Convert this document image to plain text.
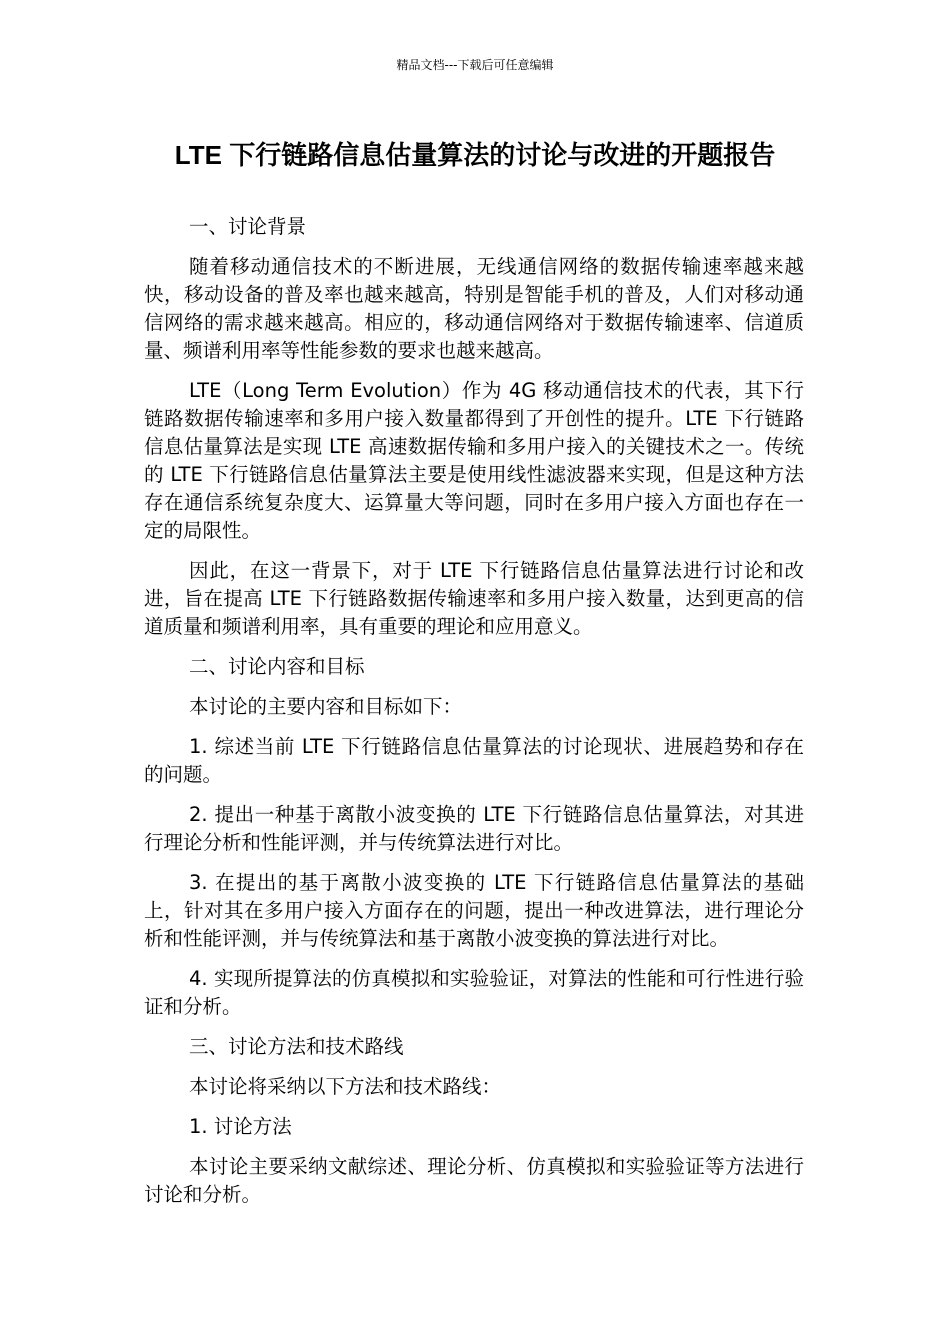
精品文档---下载后可任意编辑
LTE 下行链路信息估量算法的讨论与改进的开题报告

一、讨论背景

随着移动通信技术的不断进展，无线通信网络的数据传输速率越来越快，移动设备的普及率也越来越高，特别是智能手机的普及，人们对移动通信网络的需求越来越高。相应的，移动通信网络对于数据传输速率、信道质量、频谱利用率等性能参数的要求也越来越高。

LTE（Long Term Evolution）作为 4G 移动通信技术的代表，其下行链路数据传输速率和多用户接入数量都得到了开创性的提升。LTE 下行链路信息估量算法是实现 LTE 高速数据传输和多用户接入的关键技术之一。传统的 LTE 下行链路信息估量算法主要是使用线性滤波器来实现，但是这种方法存在通信系统复杂度大、运算量大等问题，同时在多用户接入方面也存在一定的局限性。

因此，在这一背景下，对于 LTE 下行链路信息估量算法进行讨论和改进，旨在提高 LTE 下行链路数据传输速率和多用户接入数量，达到更高的信道质量和频谱利用率，具有重要的理论和应用意义。

二、讨论内容和目标

本讨论的主要内容和目标如下：

1. 综述当前 LTE 下行链路信息估量算法的讨论现状、进展趋势和存在的问题。

2. 提出一种基于离散小波变换的 LTE 下行链路信息估量算法，对其进行理论分析和性能评测，并与传统算法进行对比。

3. 在提出的基于离散小波变换的 LTE 下行链路信息估量算法的基础上，针对其在多用户接入方面存在的问题，提出一种改进算法，进行理论分析和性能评测，并与传统算法和基于离散小波变换的算法进行对比。

4. 实现所提算法的仿真模拟和实验验证，对算法的性能和可行性进行验证和分析。

三、讨论方法和技术路线

本讨论将采纳以下方法和技术路线：

1. 讨论方法

本讨论主要采纳文献综述、理论分析、仿真模拟和实验验证等方法进行讨论和分析。
